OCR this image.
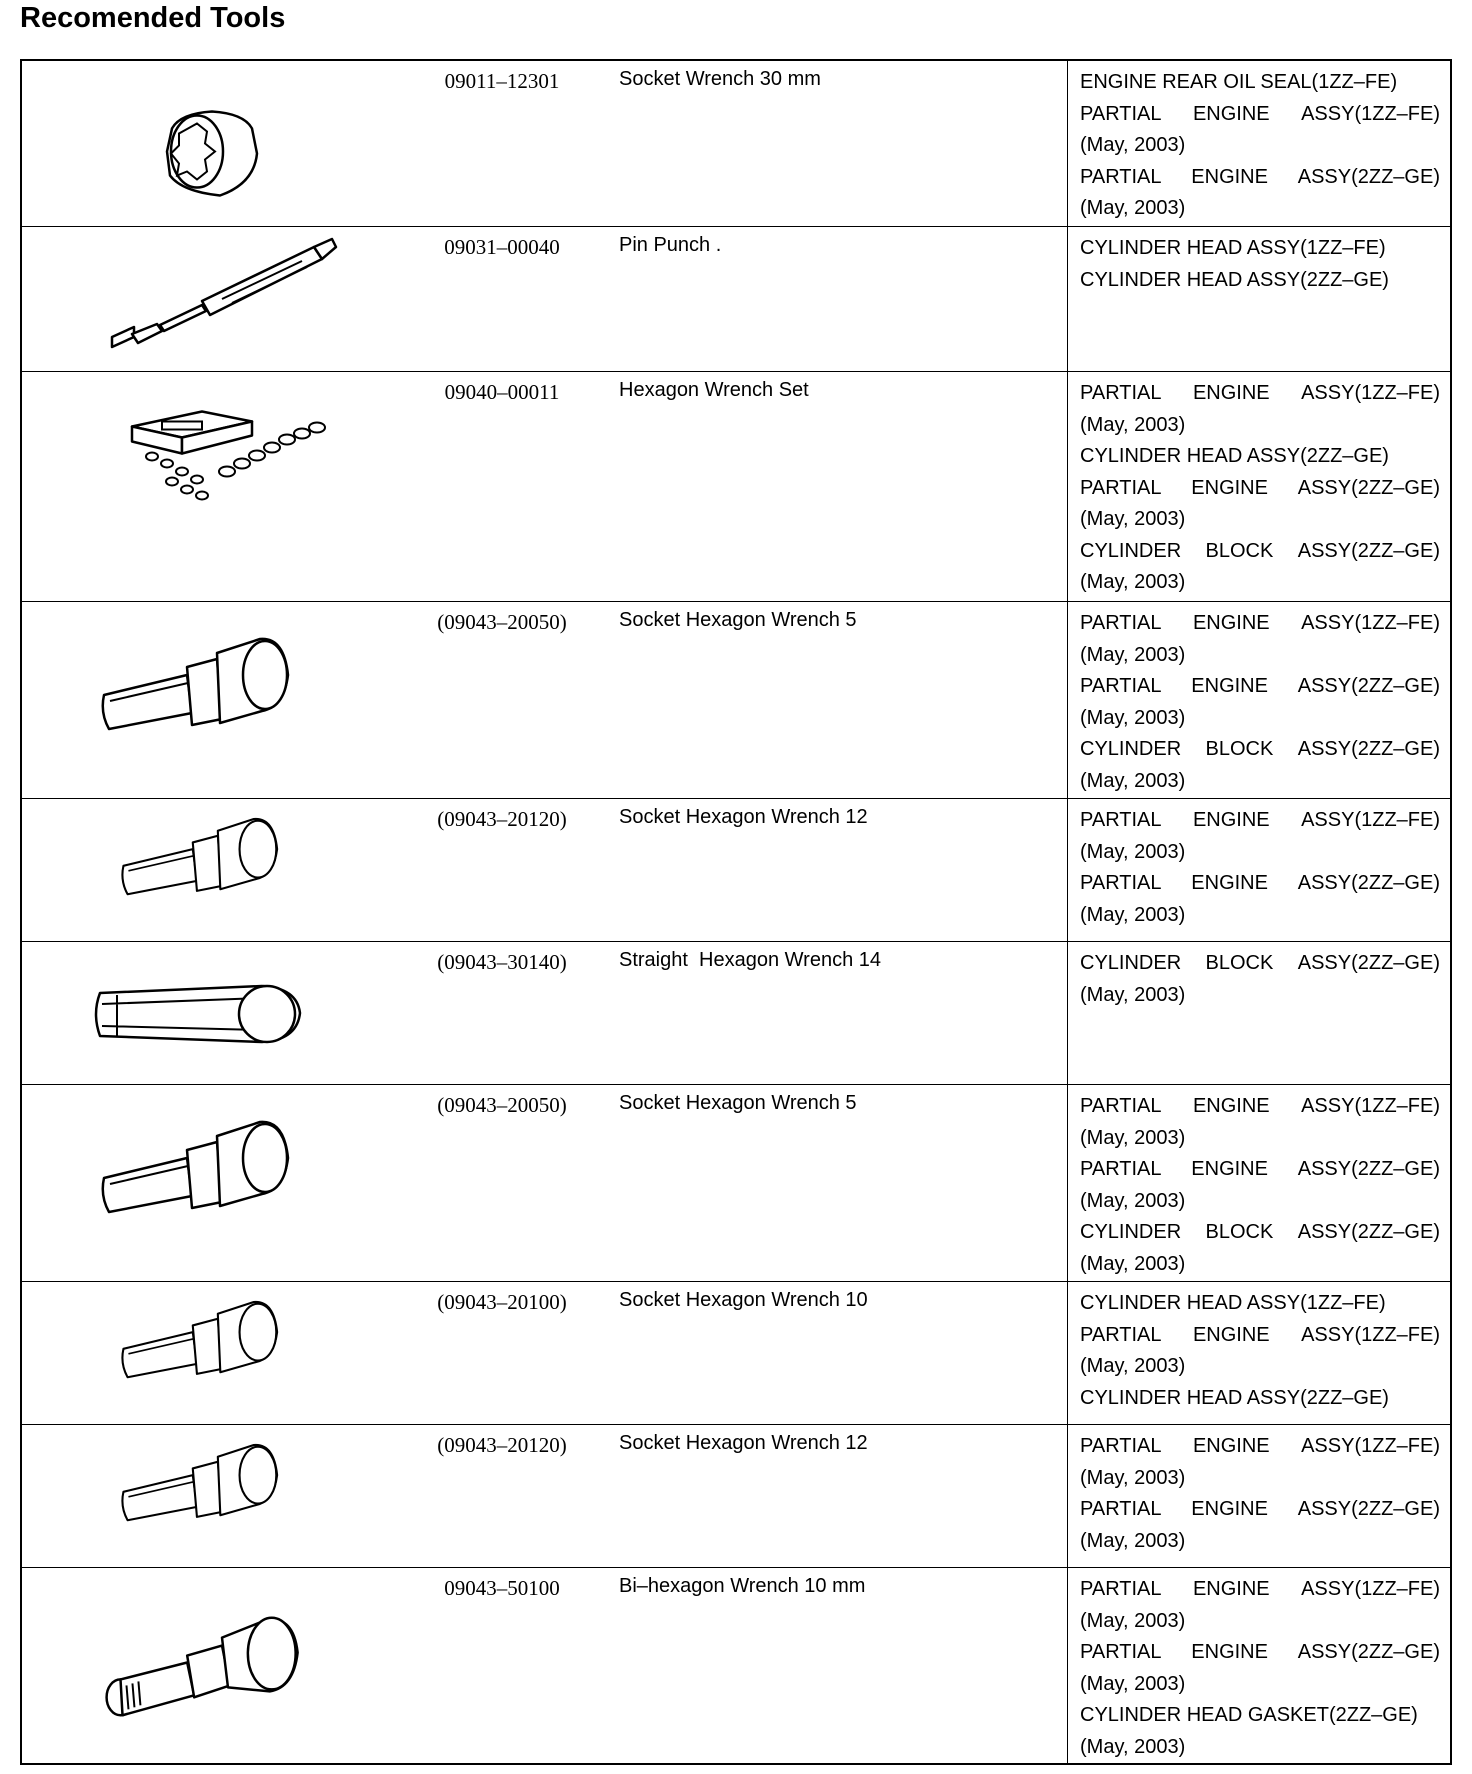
Recomended Tools
09011–12301	Socket Wrench 30 mm	ENGINE REAR OIL SEAL(1ZZ–FE)
PARTIAL ENGINE ASSY(1ZZ–FE)
(May, 2003)
PARTIAL ENGINE ASSY(2ZZ–GE)
(May, 2003)
09031–00040	Pin Punch .	CYLINDER HEAD ASSY(1ZZ–FE)
CYLINDER HEAD ASSY(2ZZ–GE)
09040–00011	Hexagon Wrench Set	PARTIAL ENGINE ASSY(1ZZ–FE)
(May, 2003)
CYLINDER HEAD ASSY(2ZZ–GE)
PARTIAL ENGINE ASSY(2ZZ–GE)
(May, 2003)
CYLINDER BLOCK ASSY(2ZZ–GE)
(May, 2003)
(09043–20050)	Socket Hexagon Wrench 5	PARTIAL ENGINE ASSY(1ZZ–FE)
(May, 2003)
PARTIAL ENGINE ASSY(2ZZ–GE)
(May, 2003)
CYLINDER BLOCK ASSY(2ZZ–GE)
(May, 2003)
(09043–20120)	Socket Hexagon Wrench 12	PARTIAL ENGINE ASSY(1ZZ–FE)
(May, 2003)
PARTIAL ENGINE ASSY(2ZZ–GE)
(May, 2003)
(09043–30140)	Straight  Hexagon Wrench 14	CYLINDER BLOCK ASSY(2ZZ–GE)
(May, 2003)
(09043–20050)	Socket Hexagon Wrench 5	PARTIAL ENGINE ASSY(1ZZ–FE)
(May, 2003)
PARTIAL ENGINE ASSY(2ZZ–GE)
(May, 2003)
CYLINDER BLOCK ASSY(2ZZ–GE)
(May, 2003)
(09043–20100)	Socket Hexagon Wrench 10	CYLINDER HEAD ASSY(1ZZ–FE)
PARTIAL ENGINE ASSY(1ZZ–FE)
(May, 2003)
CYLINDER HEAD ASSY(2ZZ–GE)
(09043–20120)	Socket Hexagon Wrench 12	PARTIAL ENGINE ASSY(1ZZ–FE)
(May, 2003)
PARTIAL ENGINE ASSY(2ZZ–GE)
(May, 2003)
09043–50100	Bi–hexagon Wrench 10 mm	PARTIAL ENGINE ASSY(1ZZ–FE)
(May, 2003)
PARTIAL ENGINE ASSY(2ZZ–GE)
(May, 2003)
CYLINDER HEAD GASKET(2ZZ–GE)
(May, 2003)
